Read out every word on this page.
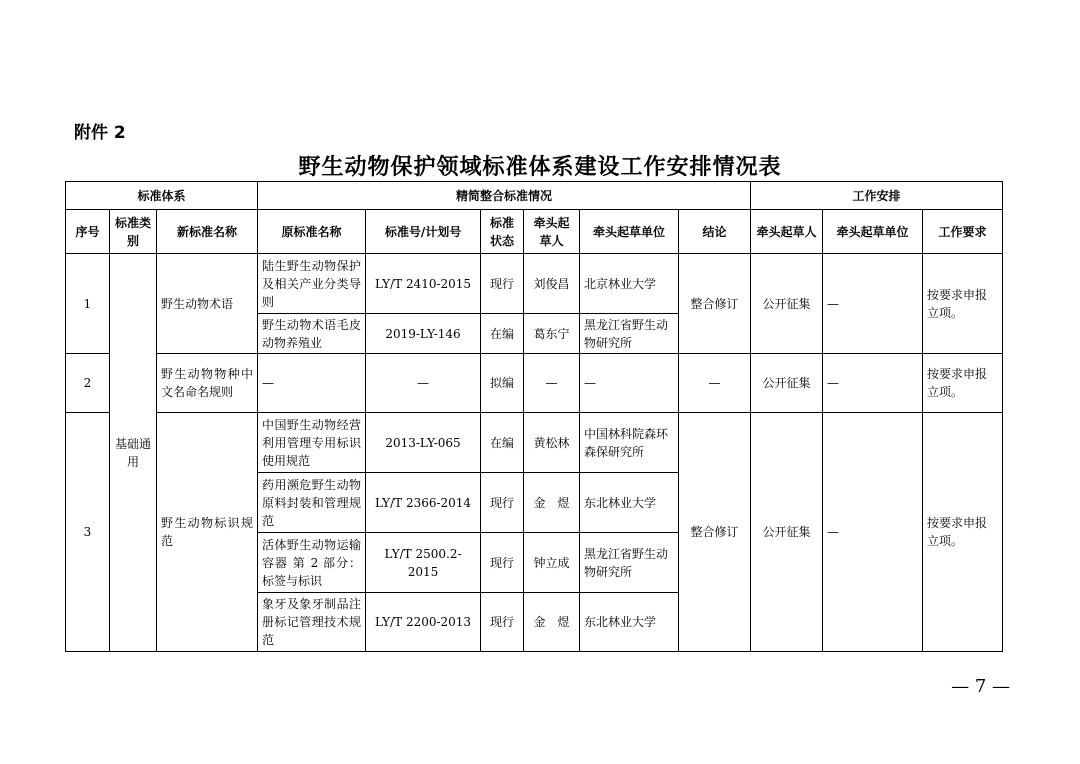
附件 2
野生动物保护领域标准体系建设工作安排情况表
标准体系			精简整合标准情况						工作安排		
序号	标准类别	新标准名称	原标准名称	标准号/计划号	标准状态	牵头起草人	牵头起草单位	结论	牵头起草人	牵头起草单位	工作要求
1	基础通用	野生动物术语	陆生野生动物保护及相关产业分类导则	LY/T 2410-2015	现行	刘俊昌	北京林业大学	整合修订	公开征集	—	按要求申报立项。
			野生动物术语毛皮动物养殖业	2019-LY-146	在编	葛东宁	黑龙江省野生动物研究所				
2		野生动物物种中文名命名规则	—	—	拟编	—	—	—	公开征集	—	按要求申报立项。
3		野生动物标识规范	中国野生动物经营利用管理专用标识使用规范	2013-LY-065	在编	黄松林	中国林科院森环森保研究所	整合修订	公开征集	—	按要求申报立项。
			药用濒危野生动物原料封装和管理规范	LY/T 2366-2014	现行	金　煜	东北林业大学				
			活体野生动物运输容器 第 2 部分：标签与标识	LY/T 2500.2-2015	现行	钟立成	黑龙江省野生动物研究所				
			象牙及象牙制品注册标记管理技术规范	LY/T 2200-2013	现行	金　煜	东北林业大学				
— 7 —
